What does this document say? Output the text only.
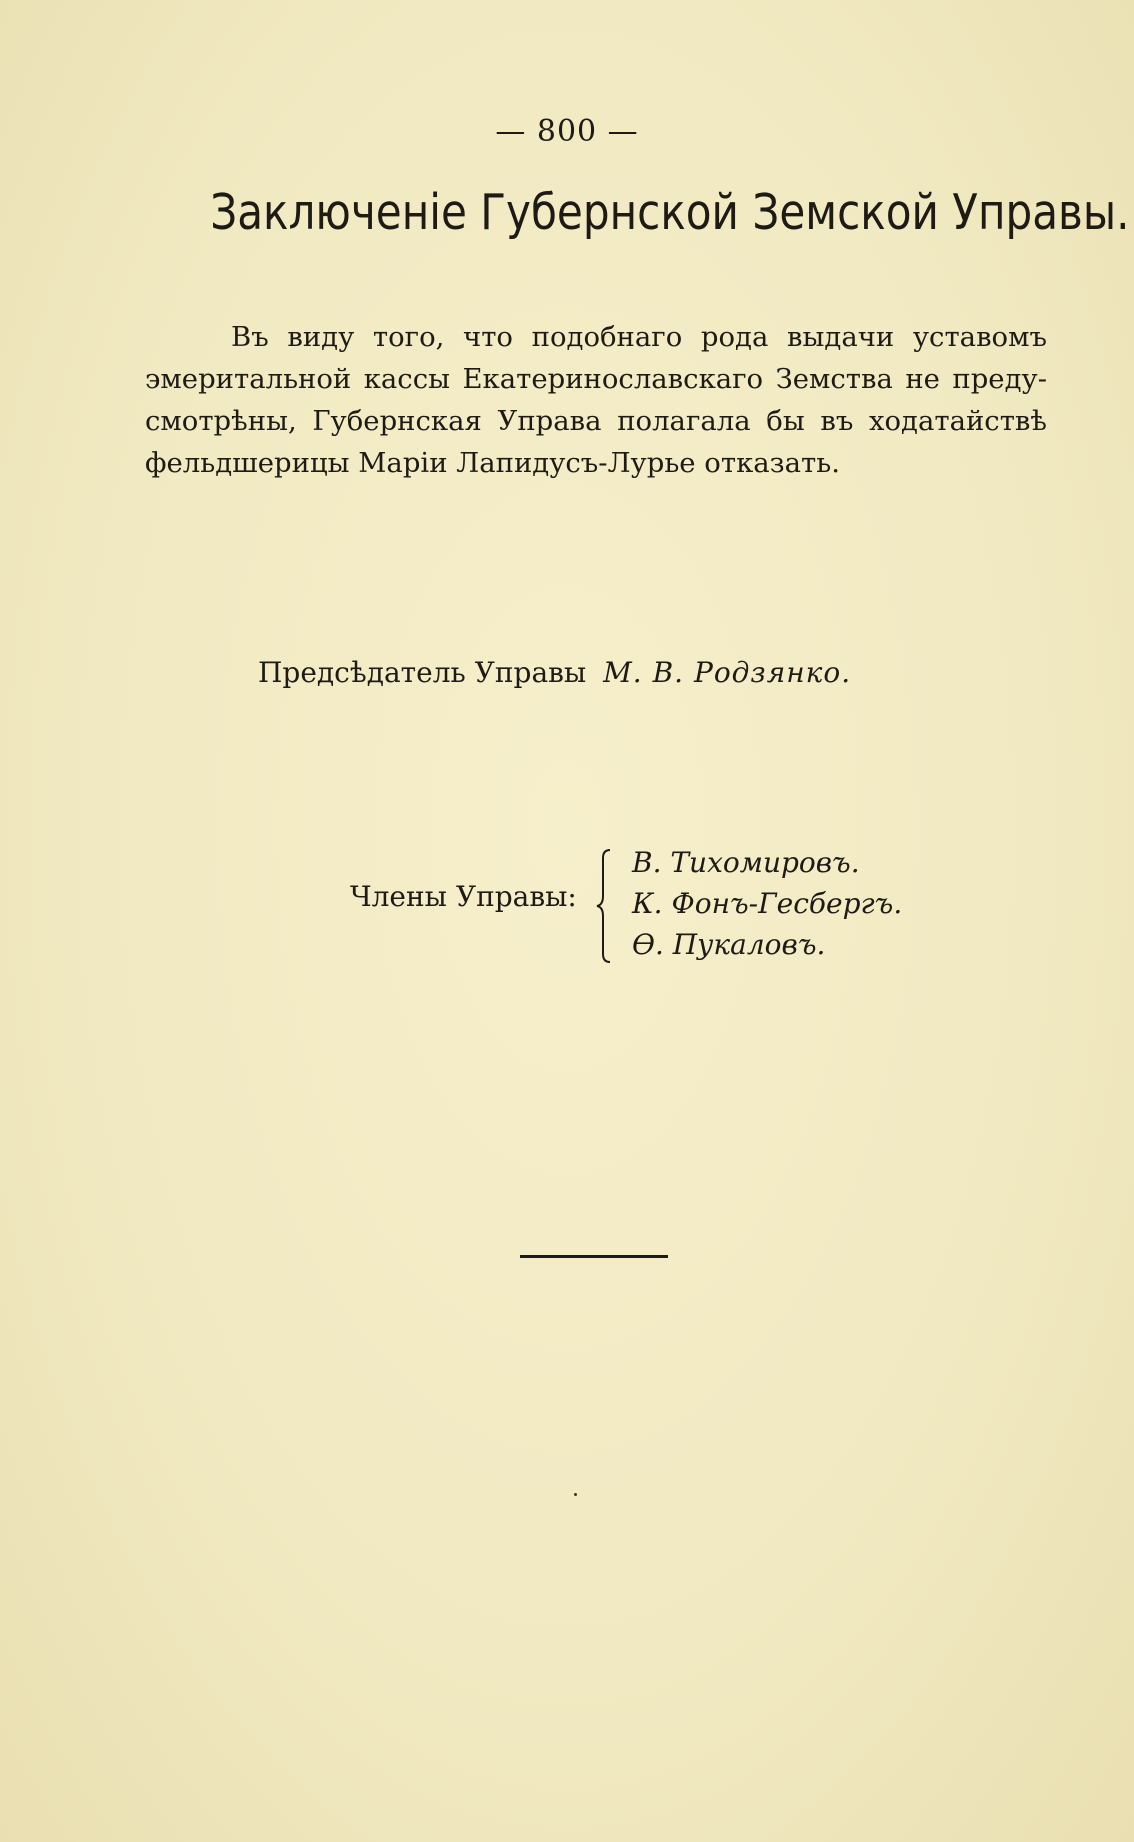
— 800 —
Заключеніе Губернской Земской Управы.
Въ виду того, что подобнаго рода выдачи уставомъ
эмеритальной кассы Екатеринославскаго Земства не преду-
смотрѣны, Губернская Управа полагала бы въ ходатайствѣ
фельдшерицы Маріи Лапидусъ-Лурье отказать.
Предсѣдатель Управы М. В. Родзянко.
Члены Управы:
В. Тихомировъ.
К. Фонъ-Гесбергъ.
Ѳ. Пукаловъ.
